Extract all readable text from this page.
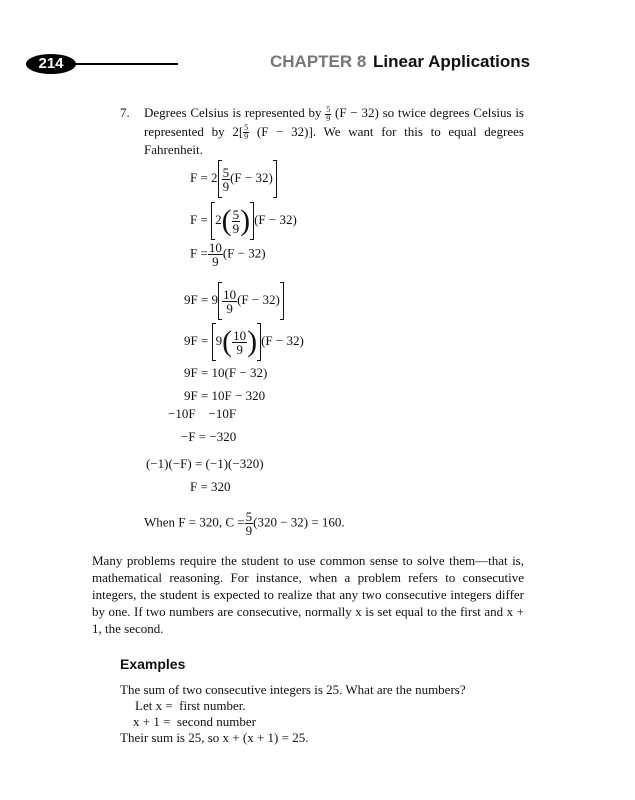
214	CHAPTER 8 Linear Applications
7. Degrees Celsius is represented by $\frac{5}{9} (F - 32)$ so twice degrees Celsius is represented by $2[ \frac{5}{9} (F - 32)]$. We want for this to equal degrees Fahrenheit.
$F = 2 \frac{5}{9} (F - 32)$
$F = 2( \frac{5}{9}$ ) (F − 32)
$F = \frac{10}{9} (F - 32)$
$9F = 9 \frac{10}{9} (F - 32)$
$9F = 9( \frac{10}{9}$ ) (F − 32)
9F = 10(F − 32)
9F = 10F − 320
−10F    −10F
−F = −320
(−1)(−F) = (−1)(−320)
F = 320
When F = 320, $C = \frac{5}{9} (320 - 32) = 160$.
Many problems require the student to use common sense to solve them—that is, mathematical reasoning. For instance, when a problem refers to consecutive integers, the student is expected to realize that any two consecutive integers differ by one. If two numbers are consecutive, normally x is set equal to the first and x + 1, the second.
Examples
The sum of two consecutive integers is 25. What are the numbers?
Let x =  first number.
x + 1 =  second number
Their sum is 25, so x + (x + 1) = 25.
